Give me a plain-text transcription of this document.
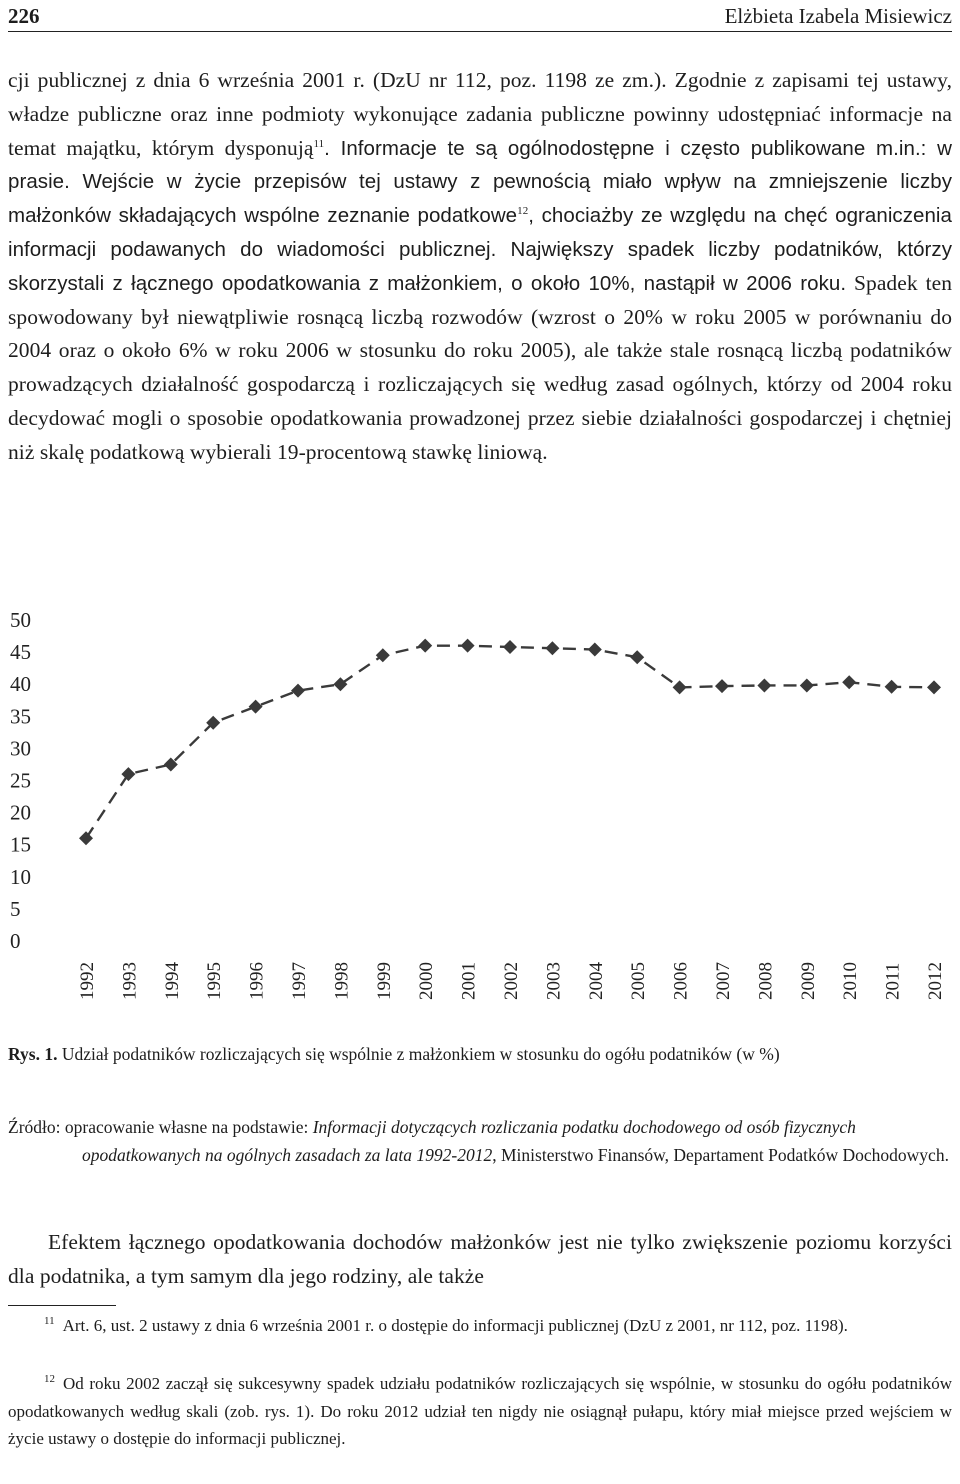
226	Elżbieta Izabela Misiewicz
cji publicznej z dnia 6 września 2001 r. (DzU nr 112, poz. 1198 ze zm.). Zgodnie z zapisami tej ustawy, władze publiczne oraz inne podmioty wykonujące zadania publiczne powinny udostępniać informacje na temat majątku, którym dysponują$^{11}$. Informacje te są ogólnodostępne i często publikowane m.in.: w prasie. Wejście w życie przepisów tej ustawy z pewnością miało wpływ na zmniejszenie liczby małżonków składających wspólne zeznanie podatkowe$^{12}$, chociażby ze względu na chęć ograniczenia informacji podawanych do wiadomości publicznej. Największy spadek liczby podatników, którzy skorzystali z łącznego opodatkowania z małżonkiem, o około 10%, nastąpił w 2006 roku. Spadek ten spowodowany był niewątpliwie rosnącą liczbą rozwodów (wzrost o 20% w roku 2005 w porównaniu do 2004 oraz o około 6% w roku 2006 w stosunku do roku 2005), ale także stale rosnącą liczbą podatników prowadzących działalność gospodarczą i rozliczających się według zasad ogólnych, którzy od 2004 roku decydować mogli o sposobie opodatkowania prowadzonej przez siebie działalności gospodarczej i chętniej niż skalę podatkową wybierali 19-procentową stawkę liniową.
50
45
40
35
30
25
20
15
10
5
0
1992 1993 1994 1995 1996 1997 1998 1999 2000 2001 2002 2003 2004 2005 2006 2007 2008 2009 2010 2011 2012
Rys. 1. Udział podatników rozliczających się wspólnie z małżonkiem w stosunku do ogółu podatników (w %)
Źródło: opracowanie własne na podstawie: Informacji dotyczących rozliczania podatku dochodowego od osób fizycznych opodatkowanych na ogólnych zasadach za lata 1992-2012, Ministerstwo Finansów, Departament Podatków Dochodowych.
Efektem łącznego opodatkowania dochodów małżonków jest nie tylko zwiększenie poziomu korzyści dla podatnika, a tym samym dla jego rodziny, ale także
$^{11}$ Art. 6, ust. 2 ustawy z dnia 6 września 2001 r. o dostępie do informacji publicznej (DzU z 2001, nr 112, poz. 1198).
$^{12}$ Od roku 2002 zaczął się sukcesywny spadek udziału podatników rozliczających się wspólnie, w stosunku do ogółu podatników opodatkowanych według skali (zob. rys. 1). Do roku 2012 udział ten nigdy nie osiągnął pułapu, który miał miejsce przed wejściem w życie ustawy o dostępie do informacji publicznej.
